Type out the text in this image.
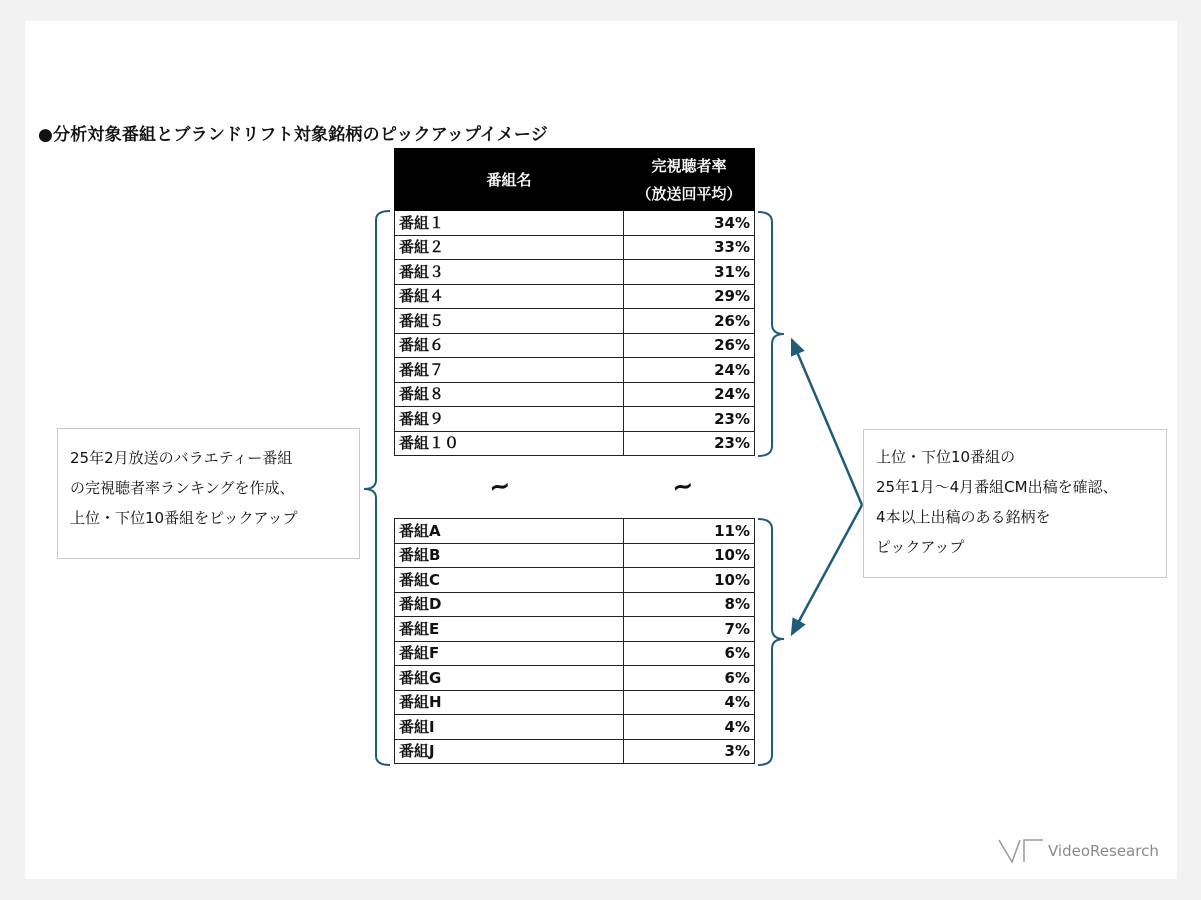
●分析対象番組とブランドリフト対象銘柄のピックアップイメージ
番組名	完視聴者率
（放送回平均）

番組１	34%
番組２	33%
番組３	31%
番組４	29%
番組５	26%
番組６	26%
番組７	24%
番組８	24%
番組９	23%
番組１０	23%
~	~
番組A	11%
番組B	10%
番組C	10%
番組D	8%
番組E	7%
番組F	6%
番組G	6%
番組H	4%
番組I	4%
番組J	3%
25年2月放送のバラエティー番組
の完視聴者率ランキングを作成、
上位・下位10番組をピックアップ
上位・下位10番組の
25年1月～4月番組CM出稿を確認、
4本以上出稿のある銘柄を
ピックアップ
VideoResearch
